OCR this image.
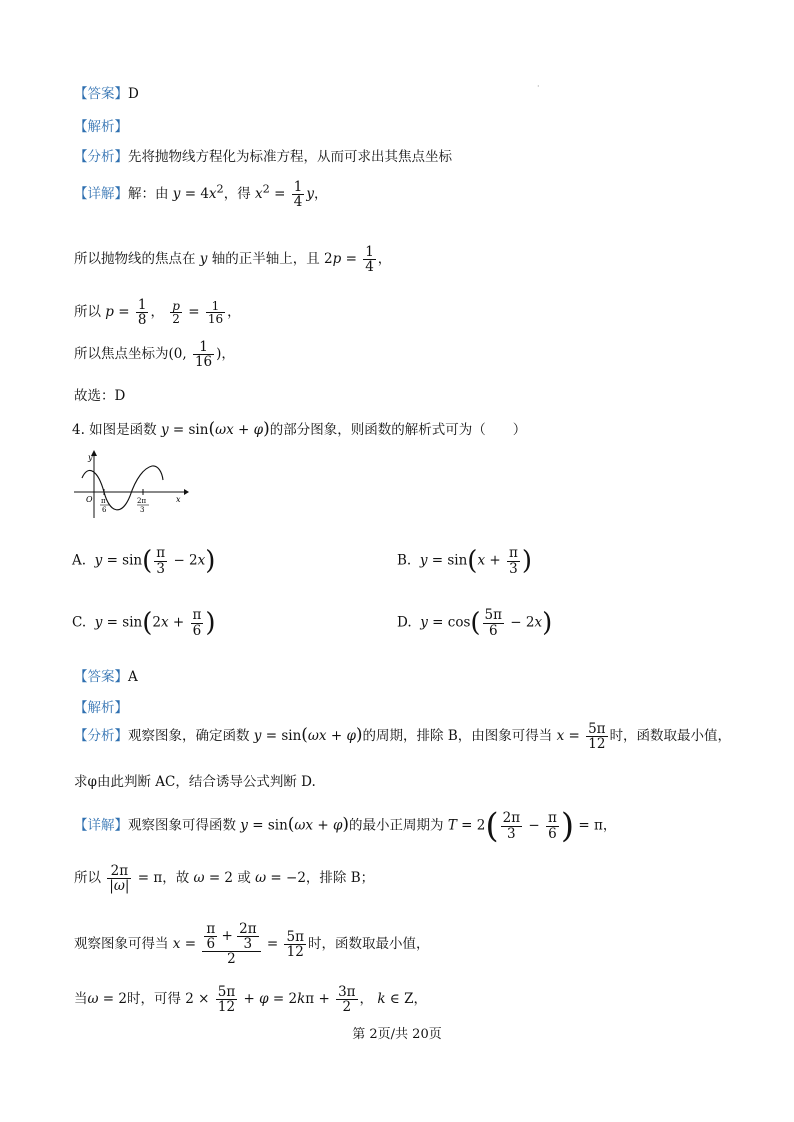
·
【答案】D
【解析】
【分析】先将抛物线方程化为标准方程，从而可求出其焦点坐标
【详解】解：由 $y = 4x^2$，得 $x^2 = \frac{1}{4}$ y，
所以抛物线的焦点在 y 轴的正半轴上，且 $2p = \frac{1}{4}$ ，
所以 $p = \frac{1}{8}$ ， $\frac{p}{2} = \frac{1}{16}$ ，
所以焦点坐标为(0, $\frac{1}{16}$ )，
故选：D
4. 如图是函数 y = sin(ωx + φ)的部分图象，则函数的解析式可为（　　）
y
x
O π
6
2π
3
A. $y = \sin( \frac{\pi}{3} - 2x)$	B. $y = \sin(x + \frac{\pi}{3}$ )
C. $y = \sin(2x + \frac{\pi}{6}$ )	D. $y = \cos( \frac{5\pi}{6} - 2x)$
【答案】A
【解析】
【分析】观察图象，确定函数 y = sin(ωx + φ)的周期，排除 B，由图象可得当 $x = \frac{5\pi}{12}$ 时，函数取最小值，
求φ由此判断 AC，结合诱导公式判断 D.
【详解】观察图象可得函数 y = sin(ωx + φ)的最小正周期为 $T = 2( \frac{2\pi}{3} - \frac{\pi}{6}$ ) = π，
所以 $\frac{2\pi}{|\omega|} = \pi$，故 ω = 2 或 ω = −2，排除 B；
观察图象可得当 $x = \frac{\frac{\pi}{6} + \frac{2\pi}{3}}{2} = \frac{5\pi}{12}$ 时，函数取最小值，
当ω = 2时，可得 $2 \times \frac{5\pi}{12} + \varphi = 2k\pi + \frac{3\pi}{2}$ ， k ∈ Z，
第 2页/共 20页
